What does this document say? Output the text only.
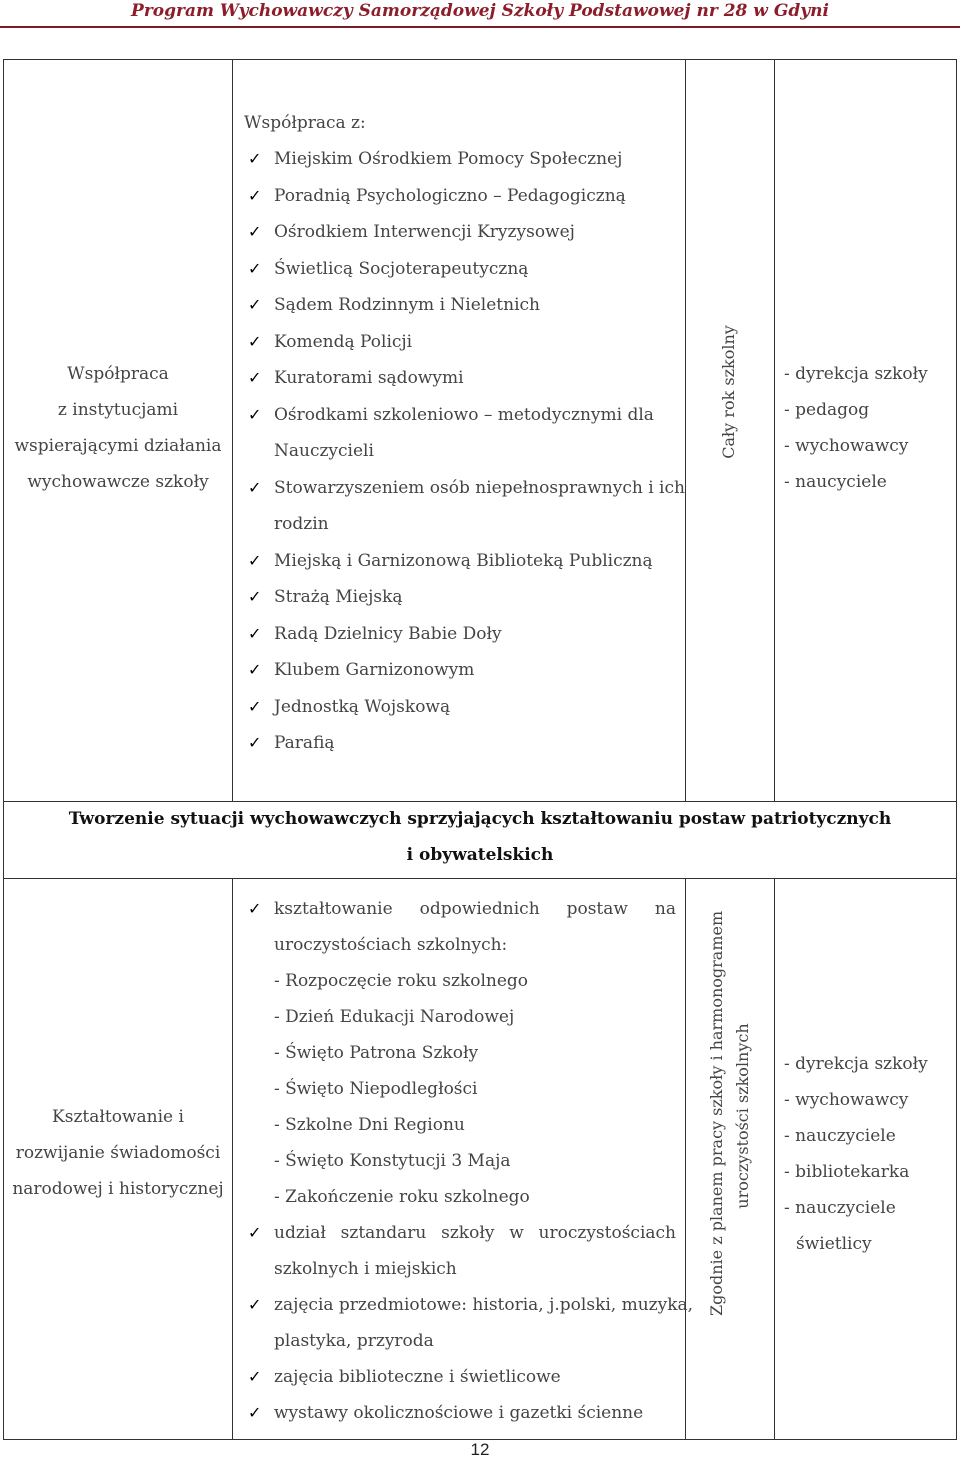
Program Wychowawczy Samorządowej Szkoły Podstawowej nr 28 w Gdyni
Współpraca
z instytucjami
wspierającymi działania
wychowawcze szkoły
Współpraca z:
✓ Miejskim Ośrodkiem Pomocy Społecznej
✓ Poradnią Psychologiczno – Pedagogiczną
✓ Ośrodkiem Interwencji Kryzysowej
✓ Świetlicą Socjoterapeutyczną
✓ Sądem Rodzinnym i Nieletnich
✓ Komendą Policji
✓ Kuratorami sądowymi
✓ Ośrodkami szkoleniowo – metodycznymi dla
Nauczycieli
✓ Stowarzyszeniem osób niepełnosprawnych i ich
rodzin
✓ Miejską i Garnizonową Biblioteką Publiczną
✓ Strażą Miejską
✓ Radą Dzielnicy Babie Doły
✓ Klubem Garnizonowym
✓ Jednostką Wojskową
✓ Parafią
Cały rok szkolny	- dyrekcja szkoły
- pedagog
- wychowawcy
- naucyciele
Tworzenie sytuacji wychowawczych sprzyjających kształtowaniu postaw patriotycznych
i obywatelskich
Kształtowanie i
rozwijanie świadomości
narodowej i historycznej
✓ kształtowanie odpowiednich postaw na
uroczystościach szkolnych:
- Rozpoczęcie roku szkolnego
- Dzień Edukacji Narodowej
- Święto Patrona Szkoły
- Święto Niepodległości
- Szkolne Dni Regionu
- Święto Konstytucji 3 Maja
- Zakończenie roku szkolnego
✓ udział sztandaru szkoły w uroczystościach
szkolnych i miejskich
✓ zajęcia przedmiotowe: historia, j.polski, muzyka,
plastyka, przyroda
✓ zajęcia biblioteczne i świetlicowe
✓ wystawy okolicznościowe i gazetki ścienne
Zgodnie z planem pracy szkoły i harmonogramem uroczystości szkolnych - dyrekcja szkoły
- wychowawcy
- nauczyciele
- bibliotekarka
- nauczyciele
świetlicy
12
